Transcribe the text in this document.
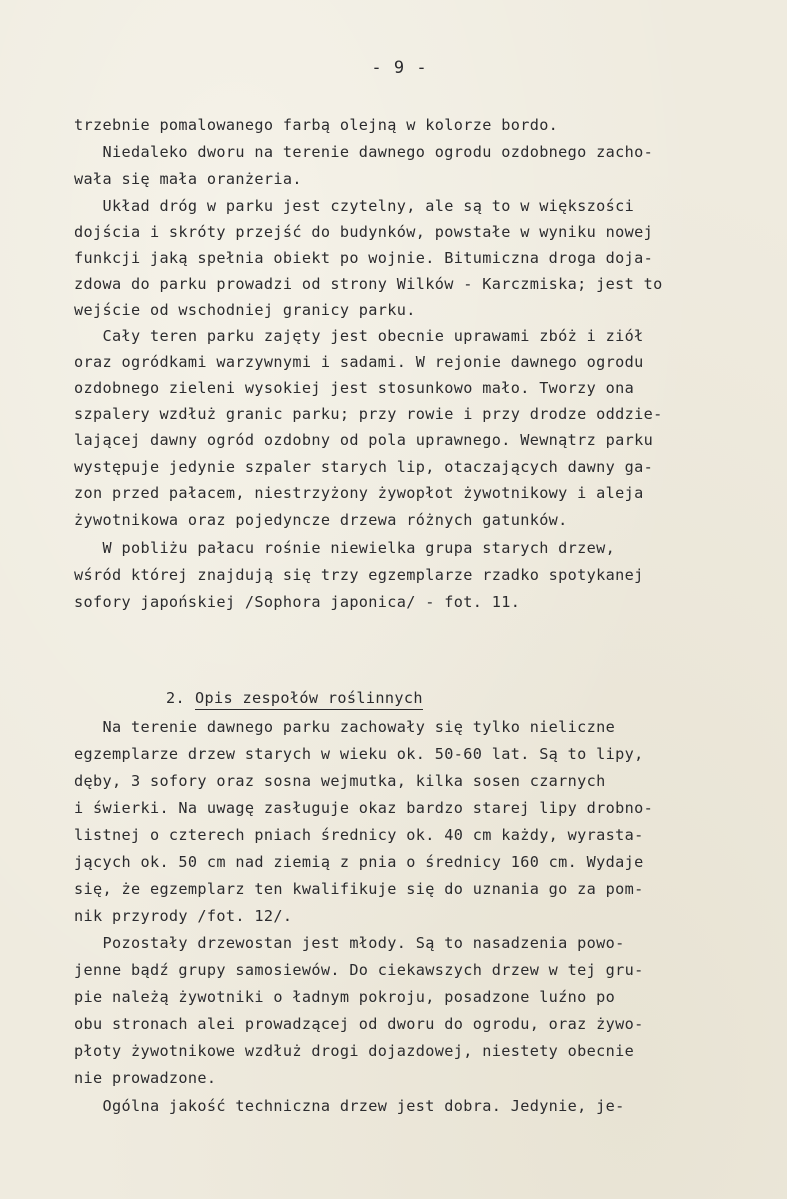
- 9 -
trzebnie pomalowanego farbą olejną w kolorze bordo.
Niedaleko dworu na terenie dawnego ogrodu ozdobnego zacho-
wała się mała oranżeria.
Układ dróg w parku jest czytelny, ale są to w większości
dojścia i skróty przejść do budynków, powstałe w wyniku nowej
funkcji jaką spełnia obiekt po wojnie. Bitumiczna droga doja-
zdowa do parku prowadzi od strony Wilków - Karczmiska; jest to
wejście od wschodniej granicy parku.
Cały teren parku zajęty jest obecnie uprawami zbóż i ziół
oraz ogródkami warzywnymi i sadami. W rejonie dawnego ogrodu
ozdobnego zieleni wysokiej jest stosunkowo mało. Tworzy ona
szpalery wzdłuż granic parku; przy rowie i przy drodze oddzie-
lającej dawny ogród ozdobny od pola uprawnego. Wewnątrz parku
występuje jedynie szpaler starych lip, otaczających dawny ga-
zon przed pałacem, niestrzyżony żywopłot żywotnikowy i aleja
żywotnikowa oraz pojedyncze drzewa różnych gatunków.
W pobliżu pałacu rośnie niewielka grupa starych drzew,
wśród której znajdują się trzy egzemplarze rzadko spotykanej
sofory japońskiej /Sophora japonica/ - fot. 11.

2. Opis zespołów roślinnych

Na terenie dawnego parku zachowały się tylko nieliczne
egzemplarze drzew starych w wieku ok. 50-60 lat. Są to lipy,
dęby, 3 sofory oraz sosna wejmutka, kilka sosen czarnych
i świerki. Na uwagę zasługuje okaz bardzo starej lipy drobno-
listnej o czterech pniach średnicy ok. 40 cm każdy, wyrasta-
jących ok. 50 cm nad ziemią z pnia o średnicy 160 cm. Wydaje
się, że egzemplarz ten kwalifikuje się do uznania go za pom-
nik przyrody /fot. 12/.
Pozostały drzewostan jest młody. Są to nasadzenia powo-
jenne bądź grupy samosiewów. Do ciekawszych drzew w tej gru-
pie należą żywotniki o ładnym pokroju, posadzone luźno po
obu stronach alei prowadzącej od dworu do ogrodu, oraz żywo-
płoty żywotnikowe wzdłuż drogi dojazdowej, niestety obecnie
nie prowadzone.
Ogólna jakość techniczna drzew jest dobra. Jedynie, je-
